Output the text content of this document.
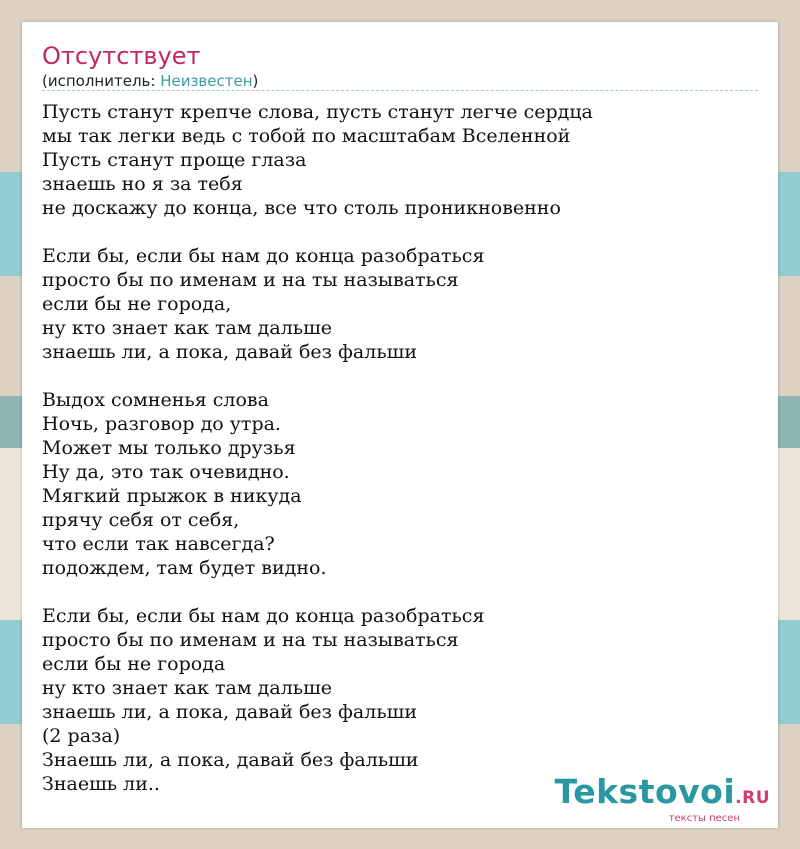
Отсутствует
(исполнитель: Неизвестен)
Пусть станут крепче слова, пусть станут легче сердца
мы так легки ведь с тобой по масштабам Вселенной
Пусть станут проще глаза
знаешь но я за тебя
не доскажу до конца, все что столь проникновенно
Если бы, если бы нам до конца разобраться
просто бы по именам и на ты называться
если бы не города,
ну кто знает как там дальше
знаешь ли, а пока, давай без фальши
Выдох сомненья слова
Ночь, разговор до утра.
Может мы только друзья
Ну да, это так очевидно.
Мягкий прыжок в никуда
прячу себя от себя,
что если так навсегда?
подождем, там будет видно.
Если бы, если бы нам до конца разобраться
просто бы по именам и на ты называться
если бы не города
ну кто знает как там дальше
знаешь ли, а пока, давай без фальши
(2 раза)
Знаешь ли, а пока, давай без фальши
Знаешь ли..	Tekstovoi.RU
тексты песен
